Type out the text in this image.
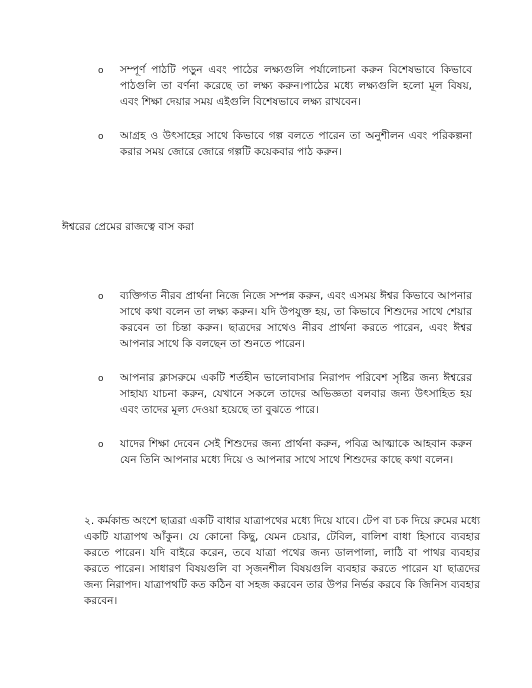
o সম্পূর্ণ পাঠটি পড়ুন এবং পাঠের লক্ষ্যগুলি পর্যালোচনা করুন বিশেষভাবে কিভাবে পাঠগুলি তা বর্ণনা করেছে তা লক্ষ্য করুন।পাঠের মধ্যে লক্ষ্যগুলি হলো মূল বিষয়, এবং শিক্ষা দেয়ার সময় এইগুলি বিশেষভাবে লক্ষ্য রাখবেন।
o আগ্রহ ও উৎসাহের সাথে কিভাবে গল্প বলতে পারেন তা অনুশীলন এবং পরিকল্পনা করার সময় জোরে জোরে গল্পটি কয়েকবার পাঠ করুন।
ঈশ্বরের প্রেমের রাজত্বে বাস করা
o ব্যক্তিগত নীরব প্রার্থনা নিজে নিজে সম্পন্ন করুন, এবং এসময় ঈশ্বর কিভাবে আপনার সাথে কথা বলেন তা লক্ষ্য করুন। যদি উপযুক্ত হয়, তা কিভাবে শিশুদের সাথে শেয়ার করবেন তা চিন্তা করুন। ছাত্রদের সাথেও নীরব প্রার্থনা করতে পারেন, এবং ঈশ্বর আপনার সাথে কি বলছেন তা শুনতে পারেন।
o আপনার ক্লাসরুমে একটি শর্তহীন ভালোবাসার নিরাপদ পরিবেশ সৃষ্টির জন্য ঈশ্বরের সাহায্য যাচনা করুন, যেখানে সকলে তাদের অভিজ্ঞতা বলবার জন্য উৎসাহিত হয় এবং তাদের মূল্য দেওয়া হয়েছে তা বুঝতে পারে।
o যাদের শিক্ষা দেবেন সেই শিশুদের জন্য প্রার্থনা করুন, পবিত্র আত্মাকে আহবান করুন যেন তিনি আপনার মধ্যে দিয়ে ও আপনার সাথে সাথে শিশুদের কাছে কথা বলেন।

২. কর্মকান্ড অংশে ছাত্ররা একটি বাধার যাত্রাপথের মধ্যে দিয়ে যাবে। টেপ বা চক দিয়ে রুমের মধ্যে একটি যাত্রাপথ আঁকুন। যে কোনো কিছু, যেমন চেয়ার, টেবিল, বালিশ বাধা হিসাবে ব্যবহার করতে পারেন। যদি বাইরে করেন, তবে যাত্রা পথের জন্য ডালপালা, লাঠি বা পাথর ব্যবহার করতে পারেন। সাধারণ বিষয়গুলি বা সৃজনশীল বিষয়গুলি ব্যবহার করতে পারেন যা ছাত্রদের জন্য নিরাপদ। যাত্রাপথটি কত কঠিন বা সহজ করবেন তার উপর নির্ভর করবে কি জিনিস ব্যবহার করবেন।
